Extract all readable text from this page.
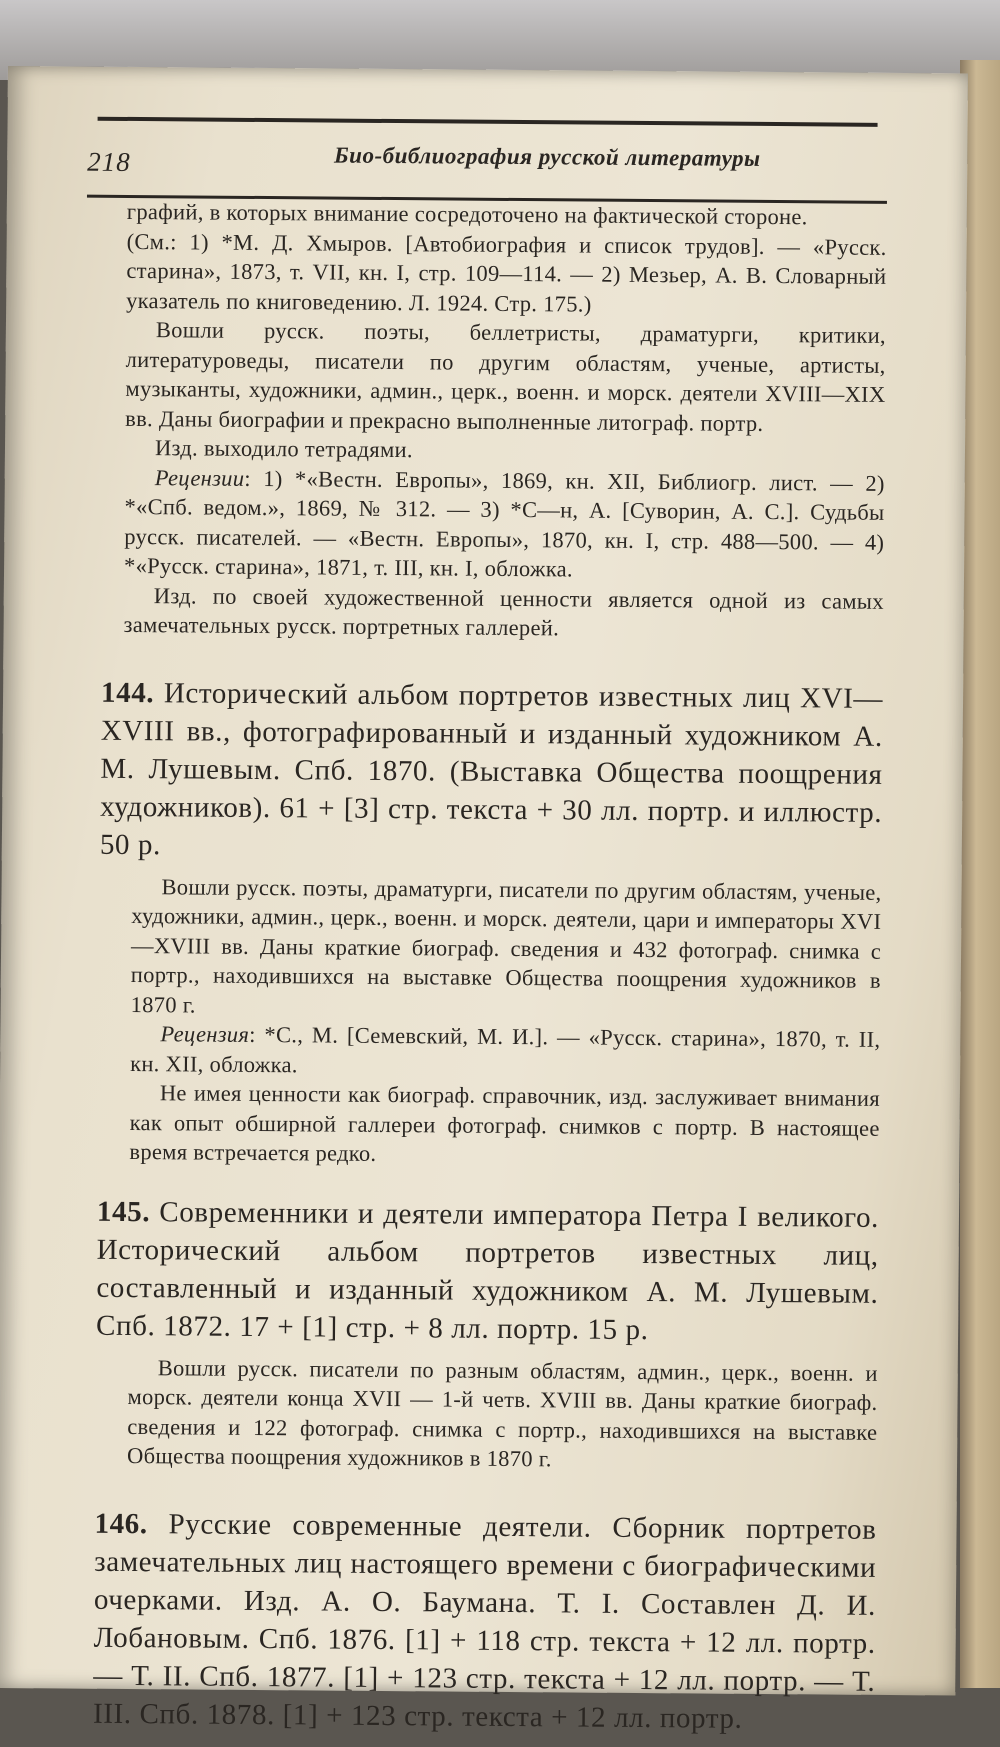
218	Био-библиография русской литературы

графий, в которых внимание сосредоточено на фактической стороне.

(См.: 1) *М. Д. Хмыров. [Автобиография и список трудов]. — «Русск. старина», 1873, т. VII, кн. I, стр. 109—114. — 2) Мезьер, А. В. Словарный указатель по книговедению. Л. 1924. Стр. 175.)

Вошли русск. поэты, беллетристы, драматурги, критики, литературоведы, писатели по другим областям, ученые, артисты, музыканты, художники, админ., церк., военн. и морск. деятели XVIII—XIX вв. Даны биографии и прекрасно выполненные литограф. портр.

Изд. выходило тетрадями.

Рецензии: 1) *«Вестн. Европы», 1869, кн. XII, Библиогр. лист. — 2) *«Спб. ведом.», 1869, № 312. — 3) *С—н, А. [Суворин, А. С.]. Судьбы русск. писателей. — «Вестн. Европы», 1870, кн. I, стр. 488—500. — 4) *«Русск. старина», 1871, т. III, кн. I, обложка.

Изд. по своей художественной ценности является одной из самых замечательных русск. портретных галлерей.

144. Исторический альбом портретов известных лиц XVI—XVIII вв., фотографированный и изданный художником А. М. Лушевым. Спб. 1870. (Выставка Общества поощрения художников). 61 + [3] стр. текста + 30 лл. портр. и иллюстр. 50 р.

Вошли русск. поэты, драматурги, писатели по другим областям, ученые, художники, админ., церк., военн. и морск. деятели, цари и императоры XVI—XVIII вв. Даны краткие биограф. сведения и 432 фотограф. снимка с портр., находившихся на выставке Общества поощрения художников в 1870 г.

Рецензия: *С., М. [Семевский, М. И.]. — «Русск. старина», 1870, т. II, кн. XII, обложка.

Не имея ценности как биограф. справочник, изд. заслуживает внимания как опыт обширной галлереи фотограф. снимков с портр. В настоящее время встречается редко.

145. Современники и деятели императора Петра I великого. Исторический альбом портретов известных лиц, составленный и изданный художником А. М. Лушевым. Спб. 1872. 17 + [1] стр. + 8 лл. портр. 15 р.

Вошли русск. писатели по разным областям, админ., церк., военн. и морск. деятели конца XVII — 1-й четв. XVIII вв. Даны краткие биограф. сведения и 122 фотограф. снимка с портр., находившихся на выставке Общества поощрения художников в 1870 г.

146. Русские современные деятели. Сборник портретов замечательных лиц настоящего времени с биографическими очерками. Изд. А. О. Баумана. Т. I. Составлен Д. И. Лобановым. Спб. 1876. [1] + 118 стр. текста + 12 лл. портр. — Т. II. Спб. 1877. [1] + 123 стр. текста + 12 лл. портр. — Т. III. Спб. 1878. [1] + 123 стр. текста + 12 лл. портр.
